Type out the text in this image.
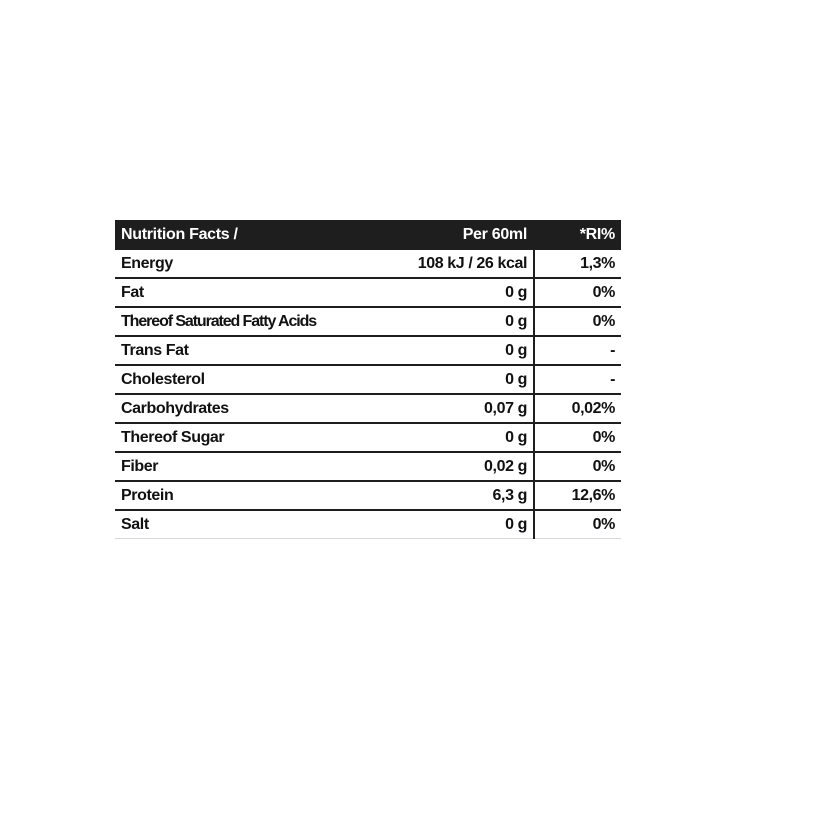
Nutrition Facts /	Per 60ml	*RI%
Energy	108 kJ / 26 kcal	1,3%
Fat	0 g	0%
Thereof Saturated Fatty Acids	0 g	0%
Trans Fat	0 g	-
Cholesterol	0 g	-
Carbohydrates	0,07 g	0,02%
Thereof Sugar	0 g	0%
Fiber	0,02 g	0%
Protein	6,3 g	12,6%
Salt	0 g	0%
